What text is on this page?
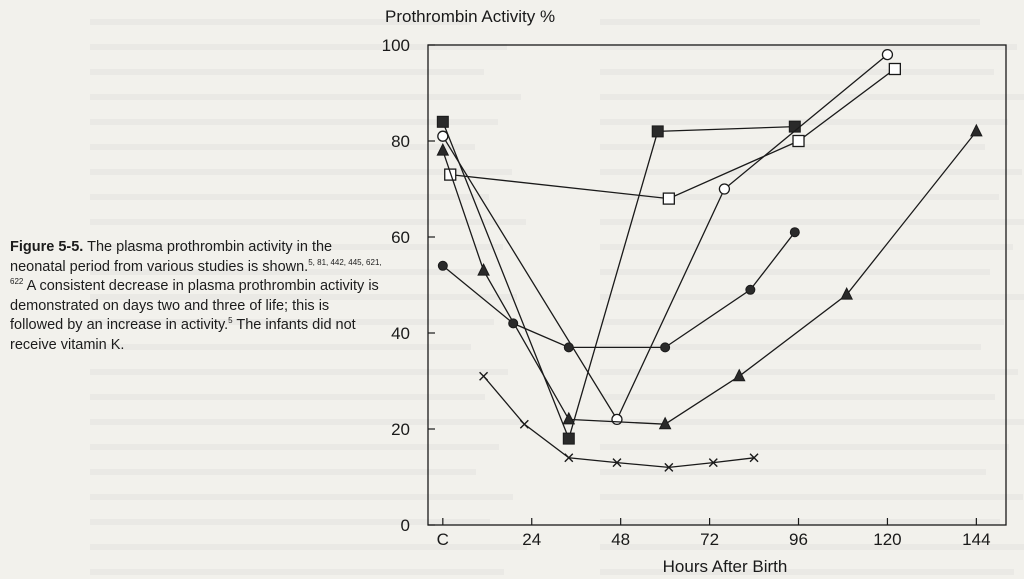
Figure 5-5. The plasma prothrombin activity in the neonatal period from various studies is shown.$^{5, 81, 442, 445, 621, 622}$ A consistent decrease in plasma prothrombin activity is demonstrated on days two and three of life; this is followed by an increase in activity.$^5$ The infants did not receive vitamin K.
Prothrombin Activity %
0
20
40
60
80
100
C	24	48	72	96	120	144
Hours After Birth
